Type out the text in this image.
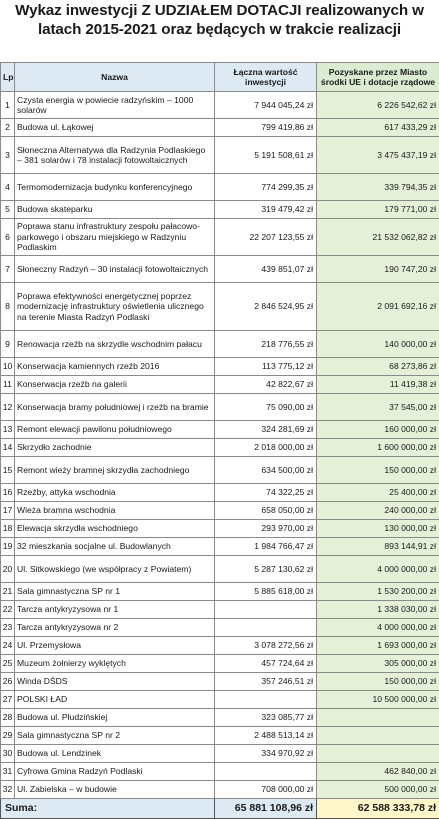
Wykaz inwestycji Z UDZIAŁEM DOTACJI realizowanych w latach 2015-2021 oraz będących w trakcie realizacji
Lp	Nazwa	Łączna wartość inwestycji	Pozyskane przez Miasto środki UE i dotacje rządowe
1	Czysta energia w powiecie radzyńskim – 1000 solarów	7 944 045,24 zł	6 226 542,62 zł
2	Budowa ul. Łąkowej	799 419,86 zł	617 433,29 zł
3	Słoneczna Alternatywa dla Radzynia Podlaskiego – 381 solarów i 78 instalacji fotowoltaicznych	5 191 508,61 zł	3 475 437,19 zł
4	Termomodernizacja budynku konferencyjnego	774 299,35 zł	339 794,35 zł
5	Budowa skateparku	319 479,42 zł	179 771,00 zł
6	Poprawa stanu infrastruktury zespołu pałacowo-parkowego i obszaru miejskiego w Radzyniu Podlaskim	22 207 123,55 zł	21 532 062,82 zł
7	Słoneczny Radzyń – 30 instalacji fotowoltaicznych	439 851,07 zł	190 747,20 zł
8	Poprawa efektywności energetycznej poprzez modernizację infrastruktury oświetlenia ulicznego na terenie Miasta Radzyń Podlaski	2 846 524,95 zł	2 091 692,16 zł
9	Renowacja rzeźb na skrzydle wschodnim pałacu	218 776,55 zł	140 000,00 zł
10	Konserwacja kamiennych rzeźb 2016	113 775,12 zł	68 273,86 zł
11	Konserwacja rzeźb na galerii	42 822,67 zł	11 419,38 zł
12	Konserwacja bramy południowej i rzeźb na bramie	75 090,00 zł	37 545,00 zł
13	Remont elewacji pawilonu południowego	324 281,69 zł	160 000,00 zł
14	Skrzydło zachodnie	2 018 000,00 zł	1 600 000,00 zł
15	Remont wieży bramnej skrzydła zachodniego	634 500,00 zł	150 000,00 zł
16	Rzeźby, attyka wschodnia	74 322,25 zł	25 400,00 zł
17	Wieża bramna wschodnia	658 050,00 zł	240 000,00 zł
18	Elewacja skrzydła wschodniego	293 970,00 zł	130 000,00 zł
19	32 mieszkania socjalne ul. Budowlanych	1 984 766,47 zł	893 144,91 zł
20	Ul. Sitkowskiego (we współpracy z Powiatem)	5 287 130,62 zł	4 000 000,00 zł
21	Sala gimnastyczna SP nr 1	5 885 618,00 zł	1 530 200,00 zł
22	Tarcza antykryzysowa nr 1		1 338 030,00 zł
23	Tarcza antykryzysowa nr 2		4 000 000,00 zł
24	Ul. Przemysłowa	3 078 272,56 zł	1 693 000,00 zł
25	Muzeum żołnierzy wyklętych	457 724,64 zł	305 000,00 zł
26	Winda DŚDS	357 246,51 zł	150 000,00 zł
27	POLSKI ŁAD		10 500 000,00 zł
28	Budowa ul. Płudzińskiej	323 085,77 zł	
29	Sala gimnastyczna SP nr 2	2 488 513,14 zł	
30	Budowa ul. Lendzinek	334 970,92 zł	
31	Cyfrowa Gmina Radzyń Podlaski		462 840,00 zł
32	Ul. Zabielska – w budowie	708 000,00 zł	500 000,00 zł
Suma:		65 881 108,96 zł	62 588 333,78 zł
